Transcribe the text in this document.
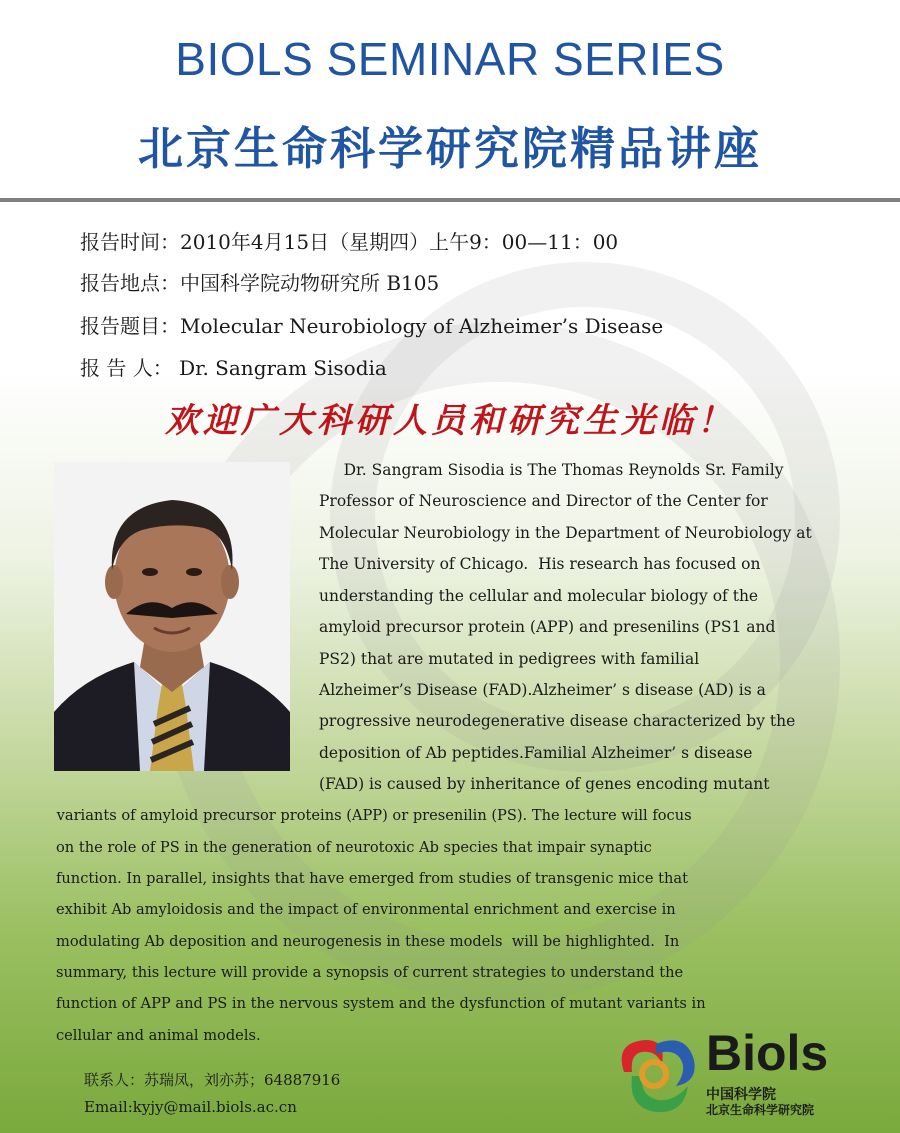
BIOLS SEMINAR SERIES
北京生命科学研究院精品讲座
报告时间：2010年4月15日（星期四）上午9：00—11：00
报告地点：中国科学院动物研究所 B105
报告题目：Molecular Neurobiology of Alzheimer’s Disease
报 告 人： Dr. Sangram Sisodia
欢迎广大科研人员和研究生光临！
Dr. Sangram Sisodia is The Thomas Reynolds Sr. Family
Professor of Neuroscience and Director of the Center for
Molecular Neurobiology in the Department of Neurobiology at
The University of Chicago.  His research has focused on
understanding the cellular and molecular biology of the
amyloid precursor protein (APP) and presenilins (PS1 and
PS2) that are mutated in pedigrees with familial
Alzheimer’s Disease (FAD).Alzheimer’ s disease (AD) is a
progressive neurodegenerative disease characterized by the
deposition of Ab peptides.Familial Alzheimer’ s disease
(FAD) is caused by inheritance of genes encoding mutant
variants of amyloid precursor proteins (APP) or presenilin (PS). The lecture will focus
on the role of PS in the generation of neurotoxic Ab species that impair synaptic
function. In parallel, insights that have emerged from studies of transgenic mice that
exhibit Ab amyloidosis and the impact of environmental enrichment and exercise in
modulating Ab deposition and neurogenesis in these models  will be highlighted.  In
summary, this lecture will provide a synopsis of current strategies to understand the
function of APP and PS in the nervous system and the dysfunction of mutant variants in
cellular and animal models.
联系人：苏瑞凤，刘亦苏；64887916
Email:kyjy@mail.biols.ac.cn
Biols
中国科学院
北京生命科学研究院
